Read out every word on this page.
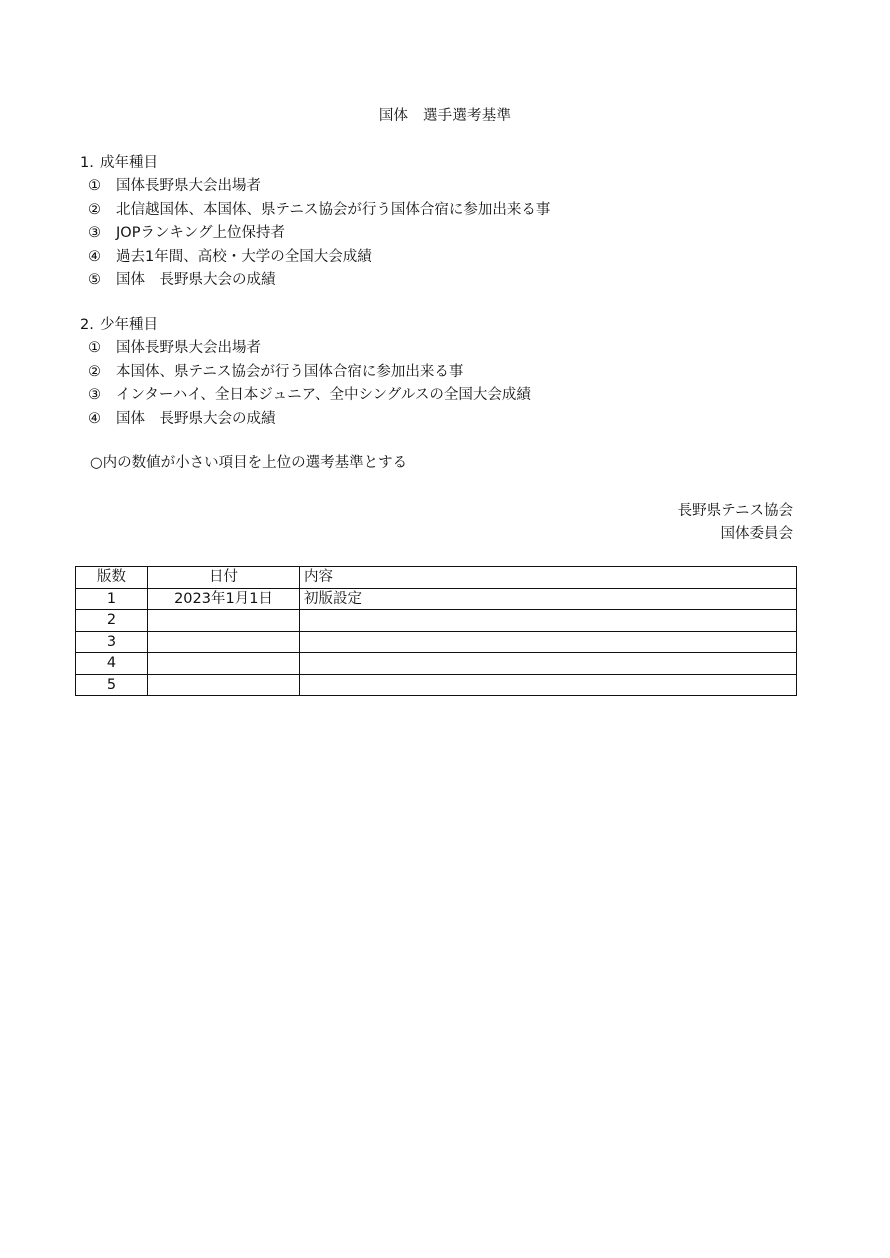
国体　選手選考基準
1. 成年種目
① 国体長野県大会出場者
② 北信越国体、本国体、県テニス協会が行う国体合宿に参加出来る事
③ JOPランキング上位保持者
④ 過去1年間、高校・大学の全国大会成績
⑤ 国体　長野県大会の成績
2. 少年種目
① 国体長野県大会出場者
② 本国体、県テニス協会が行う国体合宿に参加出来る事
③ インターハイ、全日本ジュニア、全中シングルスの全国大会成績
④ 国体　長野県大会の成績
○内の数値が小さい項目を上位の選考基準とする
長野県テニス協会
国体委員会
版数	日付	内容
1	2023年1月1日	初版設定
2		
3		
4		
5		
